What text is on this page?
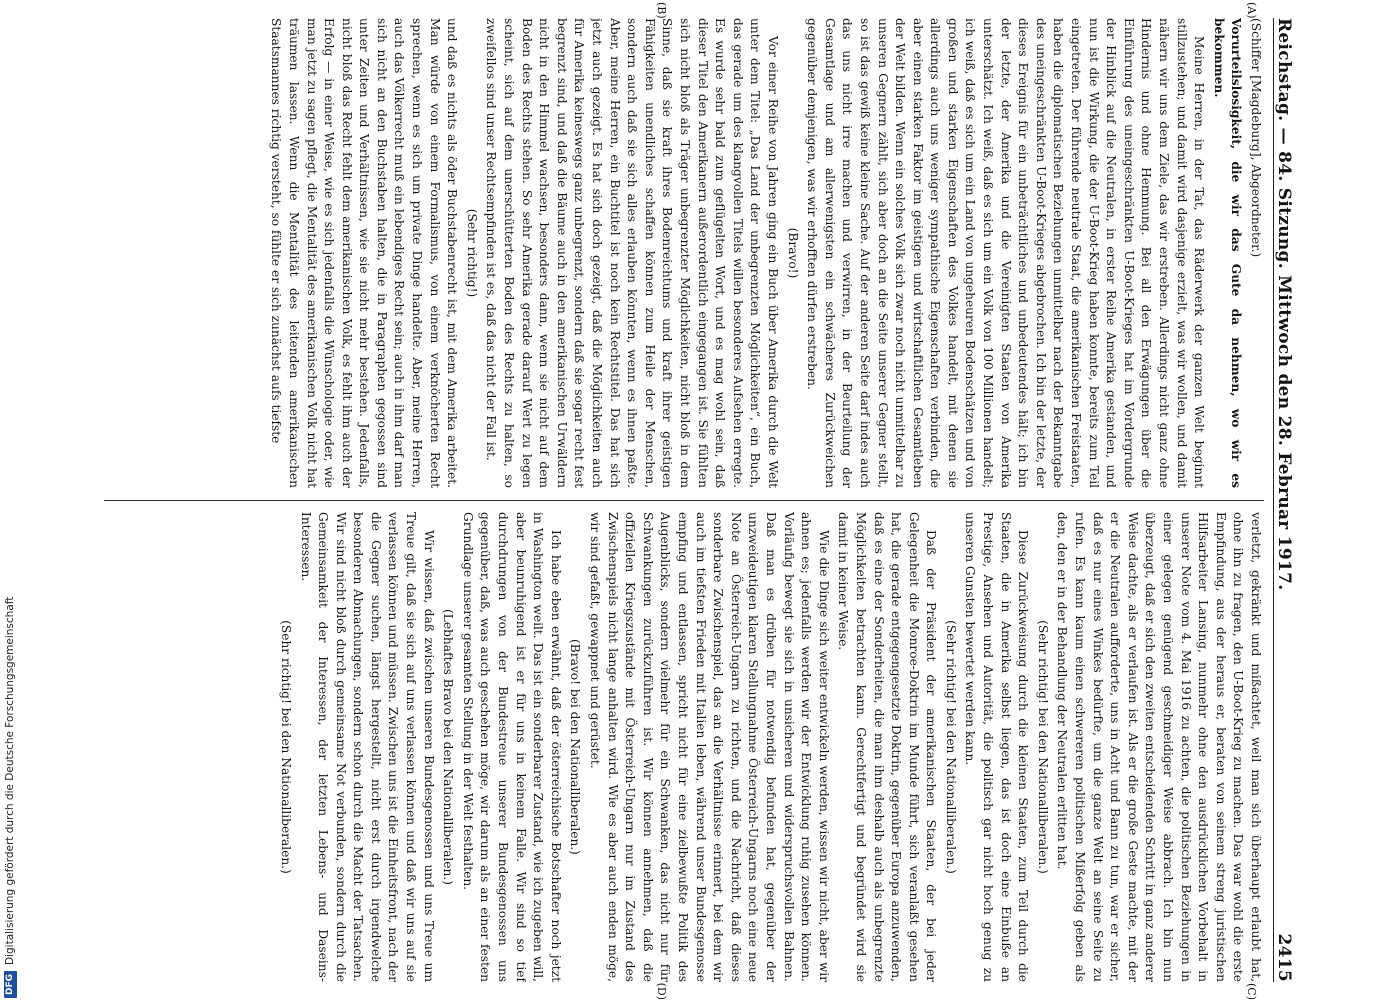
DFG
Digitalisierung gefördert durch die Deutsche Forschungsgemeinschaft
Reichstag. — 84. Sitzung. Mittwoch den 28. Februar 1917.
2415
(A)
(B)
(C)
(D)

(Schiffer [Magdeburg], Abgeordneter.)

Vorurteilslosigkeit, die wir das Gute da nehmen, wo wir es bekommen.

Meine Herren, in der Tat, das Räderwerk der ganzen Welt beginnt stillzustehen; und damit wird dasjenige erzielt, was wir wollen, und damit nähern wir uns dem Ziele, das wir erstreben. Allerdings nicht ganz ohne Hindernis und ohne Hemmung. Bei all den Erwägungen über die Einführung des uneingeschränkten U-Boot-Krieges hat im Vordergrunde der Hinblick auf die Neutralen, in erster Reihe Amerika gestanden, und nun ist die Wirkung, die der U-Boot-Krieg haben konnte, bereits zum Teil eingetreten. Der führende neutrale Staat, die amerikanischen Freistaaten, haben die diplomatischen Beziehungen unmittelbar nach der Bekanntgabe des uneingeschränkten U-Boot-Krieges abgebrochen. Ich bin der letzte, der dieses Ereignis für ein unbeträchtliches und unbedeutendes hält; ich bin der letzte, der Amerika und die Vereinigten Staaten von Amerika unterschätzt. Ich weiß, daß es sich um ein Volk von 100 Millionen handelt; ich weiß, daß es sich um ein Land von ungeheuren Bodenschätzen und von großen und starken Eigenschaften des Volkes handelt, mit denen sie allerdings auch uns weniger sympathische Eigenschaften verbinden, die aber einen starken Faktor im geistigen und wirtschaftlichen Gesamtleben der Welt bilden. Wenn ein solches Volk sich zwar noch nicht unmittelbar zu unseren Gegnern zählt, sich aber doch an die Seite unserer Gegner stellt, so ist das gewiß keine kleine Sache. Auf der anderen Seite darf indes auch das uns nicht irre machen und verwirren, in der Beurteilung der Gesamtlage und am allerwenigsten ein schwächeres Zurückweichen gegenüber demjenigen, was wir erhofften dürfen erstreben.

(Bravo!)

Vor einer Reihe von Jahren ging ein Buch über Amerika durch die Welt unter dem Titel: „Das Land der unbegrenzten Möglichkeiten“, ein Buch, das gerade um des klangvollen Titels willen besonderes Aufsehen erregte. Es wurde sehr bald zum geflügelten Wort, und es mag wohl sein, daß dieser Titel den Amerikanern außerordentlich eingegangen ist. Sie fühlten sich nicht bloß als Träger unbegrenzter Möglichkeiten, nicht bloß in dem Sinne, daß sie kraft ihres Bodenreichtums und kraft ihrer geistigen Fähigkeiten unendliches schaffen können zum Heile der Menschen, sondern auch daß sie sich alles erlauben könnten, wenn es ihnen paßte. Aber, meine Herren, ein Buchtitel ist noch kein Rechtstitel. Das hat sich jetzt auch gezeigt. Es hat sich doch gezeigt, daß die Möglichkeiten auch für Amerika keineswegs ganz unbegrenzt, sondern daß sie sogar recht fest begrenzt sind, und daß die Bäume auch in den amerikanischen Urwäldern nicht in den Himmel wachsen, besonders dann, wenn sie nicht auf dem Boden des Rechts stehen. So sehr Amerika gerade darauf Wert zu legen scheint, sich auf dem unerschütterten Boden des Rechts zu halten, so zweifellos sind unser Rechtsempfinden ist es, daß das nicht der Fall ist.

(Sehr richtig!)

und daß es nichts als öder Buchstabenrecht ist, mit dem Amerika arbeitet. Man würde von einem Formalismus, von einem verknöcherten Recht sprechen, wenn es sich um private Dinge handelte. Aber, meine Herren, auch das Völkerrecht muß ein lebendiges Recht sein; auch in ihm darf man sich nicht an den Buchstaben halten, die in Paragraphen gegossen sind unter Zeiten und Verhältnissen, wie sie nicht mehr bestehen. Jedenfalls, nicht bloß das Recht fehlt dem amerikanischen Volk, es fehlt ihm auch der Erfolg — in einer Weise, wie es sich jedenfalls die Wünschologie oder, wie man jetzt zu sagen pflegt, die Mentalität des amerikanischen Volk nicht hat träumen lassen. Wenn die Mentalität des leitenden amerikanischen Staatsmannes richtig versteht, so fühlte er sich zunächst aufs tiefste

verletzt, gekränkt und mißachtet, weil man sich überhaupt erlaubt hat, ohne ihn zu fragen, den U-Boot-Krieg zu machen. Das war wohl die erste Empfindung, aus der heraus er, beraten von seinem streng juristischen Hilfsarbeiter Lansing, nunmehr ohne den ausdrücklichen Vorbehalt in unserer Note vom 4. Mai 1916 zu achten, die politischen Beziehungen in einer gelegen genügend geschmeidiger Weise abbrach. Ich bin nun überzeugt, daß er sich den zweiten entscheidenden Schritt in ganz anderer Weise dachte, als er verlaufen ist. Als er die große Geste machte, mit der er die Neutralen aufforderte, uns in Acht und Bann zu tun, war er sicher, daß es nur eines Winkes bedürfte, um die ganze Welt an seine Seite zu rufen. Es kann kaum einen schwereren politischen Mißerfolg geben als den, den er in der Behandlung der Neutralen erlitten hat.

(Sehr richtig! bei den Nationalliberalen.)

Diese Zurückweisung durch die kleinen Staaten, zum Teil durch die Staaten, die in Amerika selbst liegen, das ist doch eine Einbuße an Prestige, Ansehen und Autorität, die politisch gar nicht hoch genug zu unseren Gunsten bewertet werden kann.

(Sehr richtig! bei den Nationalliberalen.)

Daß der Präsident der amerikanischen Staaten, der bei jeder Gelegenheit die Monroe-Doktrin im Munde führt, sich veranlaßt gesehen hat, die gerade entgegengesetzte Doktrin, gegenüber Europa anzuwenden, daß es eine der Sonderheiten, die man ihm deshalb auch als unbegrenzte Möglichkeiten betrachten kann. Gerechtfertigt und begründet wird sie damit in keiner Weise.

Wie die Dinge sich weiter entwickeln werden, wissen wir nicht, aber wir ahnen es; jedenfalls werden wir der Entwicklung ruhig zusehen können. Vorläufig bewegt sie sich in unsicheren und widerspruchsvollen Bahnen. Daß man es drüben für notwendig befunden hat, gegenüber der unzweideutigen klaren Stellungnahme Österreich-Ungarns noch eine neue Note an Österreich-Ungarn zu richten, und die Nachricht, daß dieses sonderbare Zwischenspiel, das an die Verhältnisse erinnert, bei dem wir auch im tiefsten Frieden mit Italien leben, während unser Bundesgenosse empfing und entlassen, spricht nicht für eine zielbewußte Politik des Augenblicks, sondern vielmehr für ein Schwanken, das nicht nur für Schwankungen zurückzuführen ist. Wir können annehmen, daß die offiziellen Kriegszustände mit Österreich-Ungarn nur im Zustand des Zwischenspiels nicht lange anhalten wird. Wie es aber auch enden möge, wir sind gefaßt, gewappnet und gerüstet.

(Bravo! bei den Nationalliberalen.)

Ich habe eben erwähnt, daß der österreichische Botschafter noch jetzt in Washington weilt. Das ist ein sonderbarer Zustand, wie ich zugeben will, aber beunruhigend ist er für uns in keinem Falle. Wir sind so tief durchdrungen von der Bundestreue unserer Bundesgenossen uns gegenüber, daß, was auch geschehen möge, wir darum als an einer festen Grundlage unserer gesamten Stellung in der Welt festhalten.

(Lebhaftes Bravo bei den Nationalliberalen.)

Wir wissen, daß zwischen unseren Bundesgenossen und uns Treue um Treue gilt, daß sie sich auf uns verlassen können und daß wir uns auf sie verlassen können und müssen. Zwischen uns ist die Einheitsfront, nach der die Gegner suchen, längst hergestellt, nicht erst durch irgendwelche besonderen Abmachungen, sondern schon durch die Macht der Tatsachen. Wir sind nicht bloß durch gemeinsame Not verbunden, sondern durch die Gemeinsamkeit der Interessen, der letzten Lebens- und Daseins-Interessen.

(Sehr richtig! bei den Nationalliberalen.)
